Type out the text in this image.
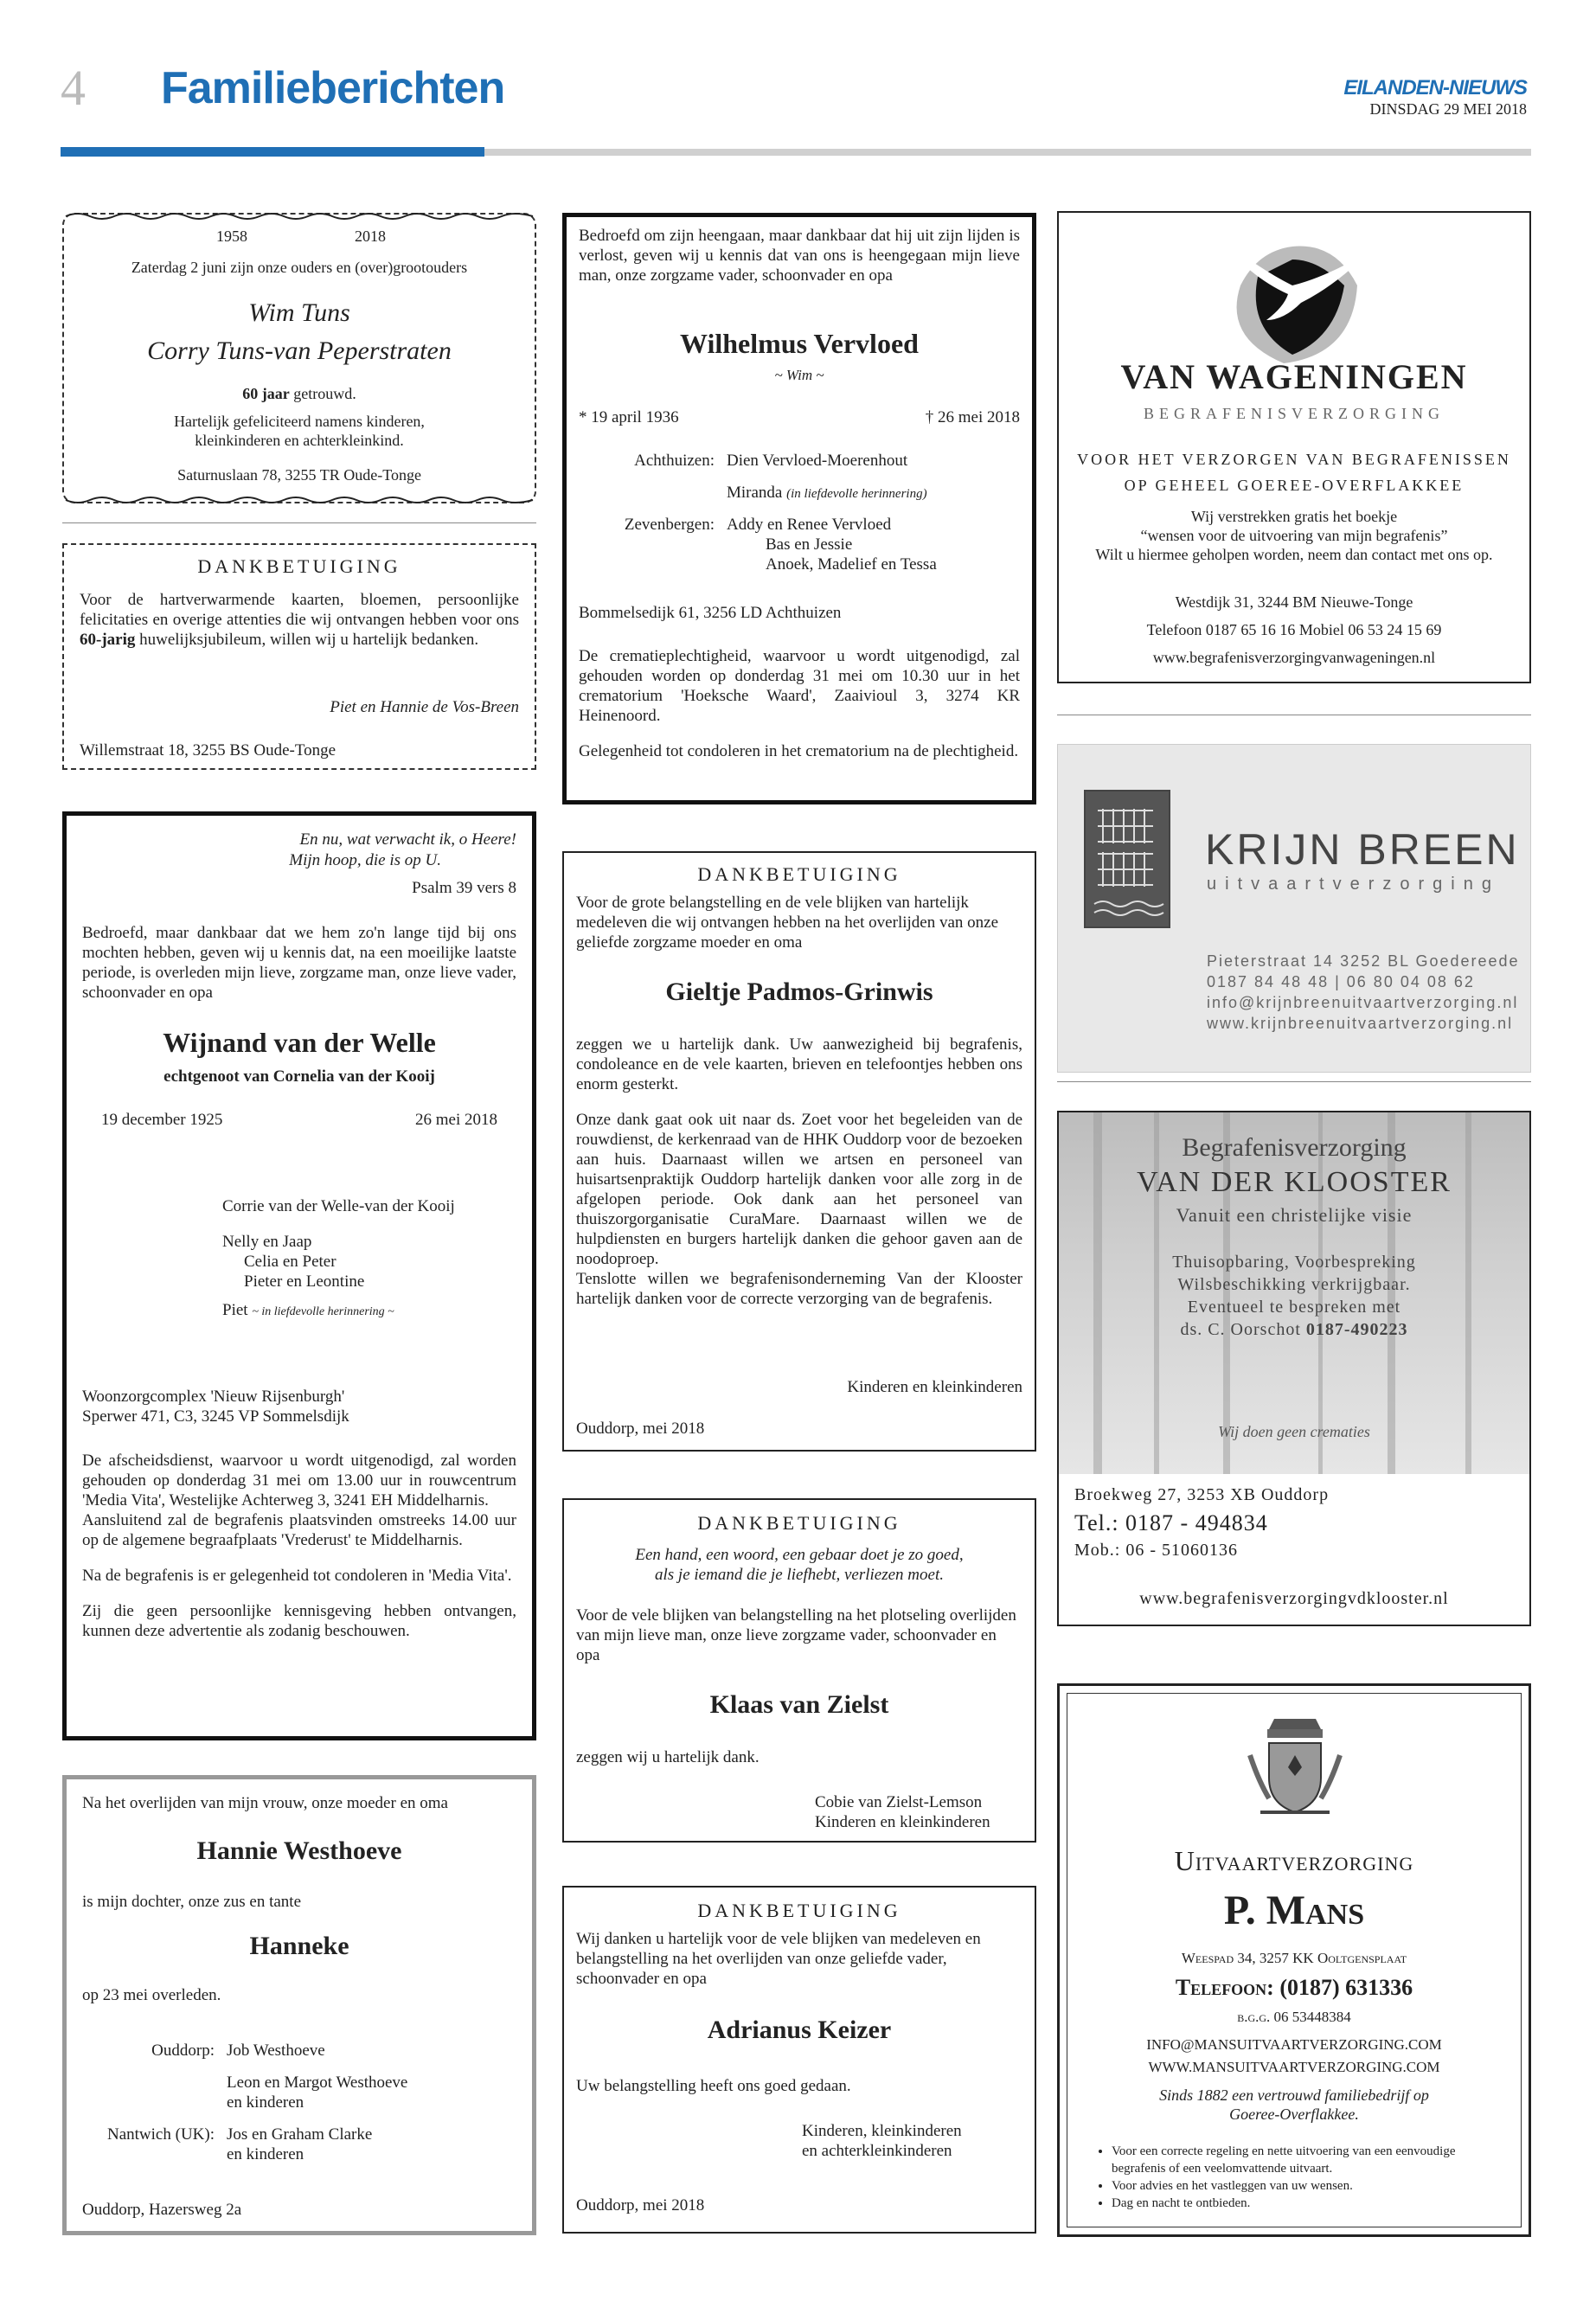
4 Familieberichten	EILANDEN-NIEUWS
DINSDAG 29 MEI 2018
1958	2018
Zaterdag 2 juni zijn onze ouders en (over)grootouders
Wim Tuns
Corry Tuns-van Peperstraten
60 jaar getrouwd.
Hartelijk gefeliciteerd namens kinderen, kleinkinderen en achterkleinkind.
Saturnuslaan 78, 3255 TR Oude-Tonge
DANKBETUIGING
Voor de hartverwarmende kaarten, bloemen, persoonlijke felicitaties en overige attenties die wij ontvangen hebben voor ons 60-jarig huwelijksjubileum, willen wij u hartelijk bedanken.
Piet en Hannie de Vos-Breen
Willemstraat 18, 3255 BS Oude-Tonge
En nu, wat verwacht ik, o Heere!
Mijn hoop, die is op U.
Psalm 39 vers 8
Bedroefd, maar dankbaar dat we hem zo'n lange tijd bij ons mochten hebben, geven wij u kennis dat, na een moeilijke laatste periode, is overleden mijn lieve, zorgzame man, onze lieve vader, schoonvader en opa
Wijnand van der Welle
echtgenoot van Cornelia van der Kooij
19 december 1925	26 mei 2018
Corrie van der Welle-van der Kooij
Nelly en Jaap
Celia en Peter
Pieter en Leontine
Piet ~ in liefdevolle herinnering ~
Woonzorgcomplex 'Nieuw Rijsenburgh'
Sperwer 471, C3, 3245 VP Sommelsdijk
De afscheidsdienst, waarvoor u wordt uitgenodigd, zal worden gehouden op donderdag 31 mei om 13.00 uur in rouwcentrum 'Media Vita', Westelijke Achterweg 3, 3241 EH Middelharnis.
Aansluitend zal de begrafenis plaatsvinden omstreeks 14.00 uur op de algemene begraafplaats 'Vrederust' te Middelharnis.
Na de begrafenis is er gelegenheid tot condoleren in 'Media Vita'.
Zij die geen persoonlijke kennisgeving hebben ontvangen, kunnen deze advertentie als zodanig beschouwen.
Na het overlijden van mijn vrouw, onze moeder en oma
Hannie Westhoeve
is mijn dochter, onze zus en tante
Hanneke
op 23 mei overleden.
Ouddorp: Job Westhoeve
Leon en Margot Westhoeve
en kinderen
Nantwich (UK): Jos en Graham Clarke
en kinderen
Ouddorp, Hazersweg 2a
Bedroefd om zijn heengaan, maar dankbaar dat hij uit zijn lijden is verlost, geven wij u kennis dat van ons is heengegaan mijn lieve man, onze zorgzame vader, schoonvader en opa
Wilhelmus Vervloed
~ Wim ~
* 19 april 1936	† 26 mei 2018
Achthuizen: Dien Vervloed-Moerenhout
Miranda (in liefdevolle herinnering)
Zevenbergen: Addy en Renee Vervloed
Bas en Jessie
Anoek, Madelief en Tessa
Bommelsedijk 61, 3256 LD Achthuizen
De crematieplechtigheid, waarvoor u wordt uitgenodigd, zal gehouden worden op donderdag 31 mei om 10.30 uur in het crematorium 'Hoeksche Waard', Zaaivioul 3, 3274 KR Heinenoord.
Gelegenheid tot condoleren in het crematorium na de plechtigheid.
DANKBETUIGING
Voor de grote belangstelling en de vele blijken van hartelijk medeleven die wij ontvangen hebben na het overlijden van onze geliefde zorgzame moeder en oma
Gieltje Padmos-Grinwis
zeggen we u hartelijk dank. Uw aanwezigheid bij begrafenis, condoleance en de vele kaarten, brieven en telefoontjes hebben ons enorm gesterkt.
Onze dank gaat ook uit naar ds. Zoet voor het begeleiden van de rouwdienst, de kerkenraad van de HHK Ouddorp voor de bezoeken aan huis. Daarnaast willen we artsen en personeel van huisartsenpraktijk Ouddorp hartelijk danken voor alle zorg in de afgelopen periode. Ook dank aan het personeel van thuiszorgorganisatie CuraMare. Daarnaast willen we de hulpdiensten en burgers hartelijk danken die gehoor gaven aan de noodoproep.
Tenslotte willen we begrafenisonderneming Van der Klooster hartelijk danken voor de correcte verzorging van de begrafenis.
Kinderen en kleinkinderen
Ouddorp, mei 2018
DANKBETUIGING
Een hand, een woord, een gebaar doet je zo goed,
als je iemand die je liefhebt, verliezen moet.
Voor de vele blijken van belangstelling na het plotseling overlijden van mijn lieve man, onze lieve zorgzame vader, schoonvader en opa
Klaas van Zielst
zeggen wij u hartelijk dank.
Cobie van Zielst-Lemson
Kinderen en kleinkinderen
DANKBETUIGING
Wij danken u hartelijk voor de vele blijken van medeleven en belangstelling na het overlijden van onze geliefde vader, schoonvader en opa
Adrianus Keizer
Uw belangstelling heeft ons goed gedaan.
Kinderen, kleinkinderen
en achterkleinkinderen
Ouddorp, mei 2018
VAN WAGENINGEN
BEGRAFENISVERZORGING
VOOR HET VERZORGEN VAN BEGRAFENISSEN
OP GEHEEL GOEREE-OVERFLAKKEE
Wij verstrekken gratis het boekje
“wensen voor de uitvoering van mijn begrafenis”
Wilt u hiermee geholpen worden, neem dan contact met ons op.
Westdijk 31, 3244 BM Nieuwe-Tonge
Telefoon 0187 65 16 16 Mobiel 06 53 24 15 69
www.begrafenisverzorgingvanwageningen.nl
KRIJN BREEN
uitvaartverzorging
Pieterstraat 14 3252 BL Goedereede
0187 84 48 48 | 06 80 04 08 62
info@krijnbreenuitvaartverzorging.nl
www.krijnbreenuitvaartverzorging.nl
Begrafenisverzorging
VAN DER KLOOSTER
Vanuit een christelijke visie
Thuisopbaring, Voorbespreking
Wilsbeschikking verkrijgbaar.
Eventueel te bespreken met
ds. C. Oorschot 0187-490223
Wij doen geen crematies
Broekweg 27, 3253 XB Ouddorp
Tel.: 0187 - 494834
Mob.: 06 - 51060136
www.begrafenisverzorgingvdklooster.nl
Uitvaartverzorging
P. Mans
Weespad 34, 3257 KK Ooltgensplaat
Telefoon: (0187) 631336
b.g.g. 06 53448384
INFO@MANSUITVAARTVERZORGING.COM
WWW.MANSUITVAARTVERZORGING.COM
Sinds 1882 een vertrouwd familiebedrijf op
Goeree-Overflakkee.
• Voor een correcte regeling en nette uitvoering van een eenvoudige begrafenis of een veelomvattende uitvaart.
• Voor advies en het vastleggen van uw wensen.
• Dag en nacht te ontbieden.
